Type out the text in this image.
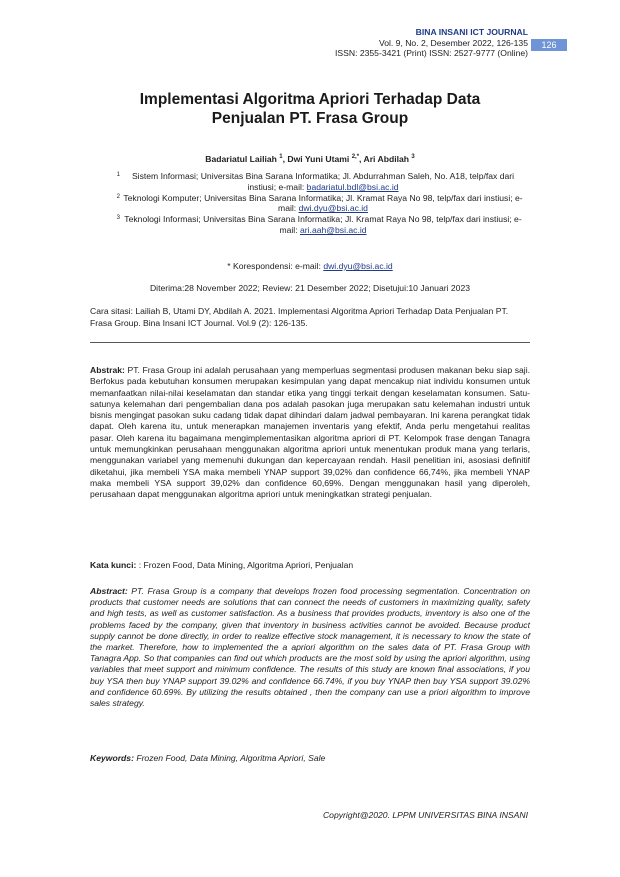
BINA INSANI ICT JOURNAL
Vol. 9, No. 2, Desember 2022, 126-135
ISSN: 2355-3421 (Print) ISSN: 2527-9777 (Online)
126
Implementasi Algoritma Apriori Terhadap Data
Penjualan PT. Frasa Group
Badariatul Lailiah $^1$, Dwi Yuni Utami $^{2,*}$, Ari Abdilah $^3$
1	Sistem Informasi; Universitas Bina Sarana Informatika; Jl. Abdurrahman Saleh, No. A18, telp/fax dari instiusi; e-mail: badariatul.bdl@bsi.ac.id
2 Teknologi Komputer; Universitas Bina Sarana Informatika; Jl. Kramat Raya No 98, telp/fax dari instiusi; e-mail: dwi.dyu@bsi.ac.id
3 Teknologi Informasi; Universitas Bina Sarana Informatika; Jl. Kramat Raya No 98, telp/fax dari instiusi; e-mail: ari.aah@bsi.ac.id
* Korespondensi: e-mail: dwi.dyu@bsi.ac.id
Diterima:28 November 2022; Review: 21 Desember 2022; Disetujui:10 Januari 2023
Cara sitasi: Lailiah B, Utami DY, Abdilah A. 2021. Implementasi Algoritma Apriori Terhadap Data Penjualan PT. Frasa Group. Bina Insani ICT Journal. Vol.9 (2): 126-135.
Abstrak: PT. Frasa Group ini adalah perusahaan yang memperluas segmentasi produsen makanan beku siap saji. Berfokus pada kebutuhan konsumen merupakan kesimpulan yang dapat mencakup niat individu konsumen untuk memanfaatkan nilai-nilai keselamatan dan standar etika yang tinggi terkait dengan keselamatan konsumen. Satu-satunya kelemahan dari pengembalian dana pos adalah pasokan juga merupakan satu kelemahan industri untuk bisnis mengingat pasokan suku cadang tidak dapat dihindari dalam jadwal pembayaran. Ini karena perangkat tidak dapat. Oleh karena itu, untuk menerapkan manajemen inventaris yang efektif, Anda perlu mengetahui realitas pasar. Oleh karena itu bagaimana mengimplementasikan algoritma apriori di PT. Kelompok frase dengan Tanagra untuk memungkinkan perusahaan menggunakan algoritma apriori untuk menentukan produk mana yang terlaris, menggunakan variabel yang memenuhi dukungan dan kepercayaan rendah. Hasil penelitian ini, asosiasi definitif diketahui, jika membeli YSA maka membeli YNAP support 39,02% dan confidence 66,74%, jika membeli YNAP maka membeli YSA support 39,02% dan confidence 60,69%. Dengan menggunakan hasil yang diperoleh, perusahaan dapat menggunakan algoritma apriori untuk meningkatkan strategi penjualan.
Kata kunci: : Frozen Food, Data Mining, Algoritma Apriori, Penjualan
Abstract: PT. Frasa Group is a company that develops frozen food processing segmentation. Concentration on products that customer needs are solutions that can connect the needs of customers in maximizing quality, safety and high tests, as well as customer satisfaction. As a business that provides products, inventory is also one of the problems faced by the company, given that inventory in business activities cannot be avoided. Because product supply cannot be done directly, in order to realize effective stock management, it is necessary to know the state of the market. Therefore, how to implemented the a apriori algorithm on the sales data of PT. Frasa Group with Tanagra App. So that companies can find out which products are the most sold by using the apriori algorithm, using variables that meet support and minimum confidence. The results of this study are known final associations, if you buy YSA then buy YNAP support 39.02% and confidence 66.74%, if you buy YNAP then buy YSA support 39.02% and confidence 60.69%. By utilizing the results obtained , then the company can use a priori algorithm to improve sales strategy.
Keywords: Frozen Food, Data Mining, Algoritma Apriori, Sale
Copyright@2020. LPPM UNIVERSITAS BINA INSANI
